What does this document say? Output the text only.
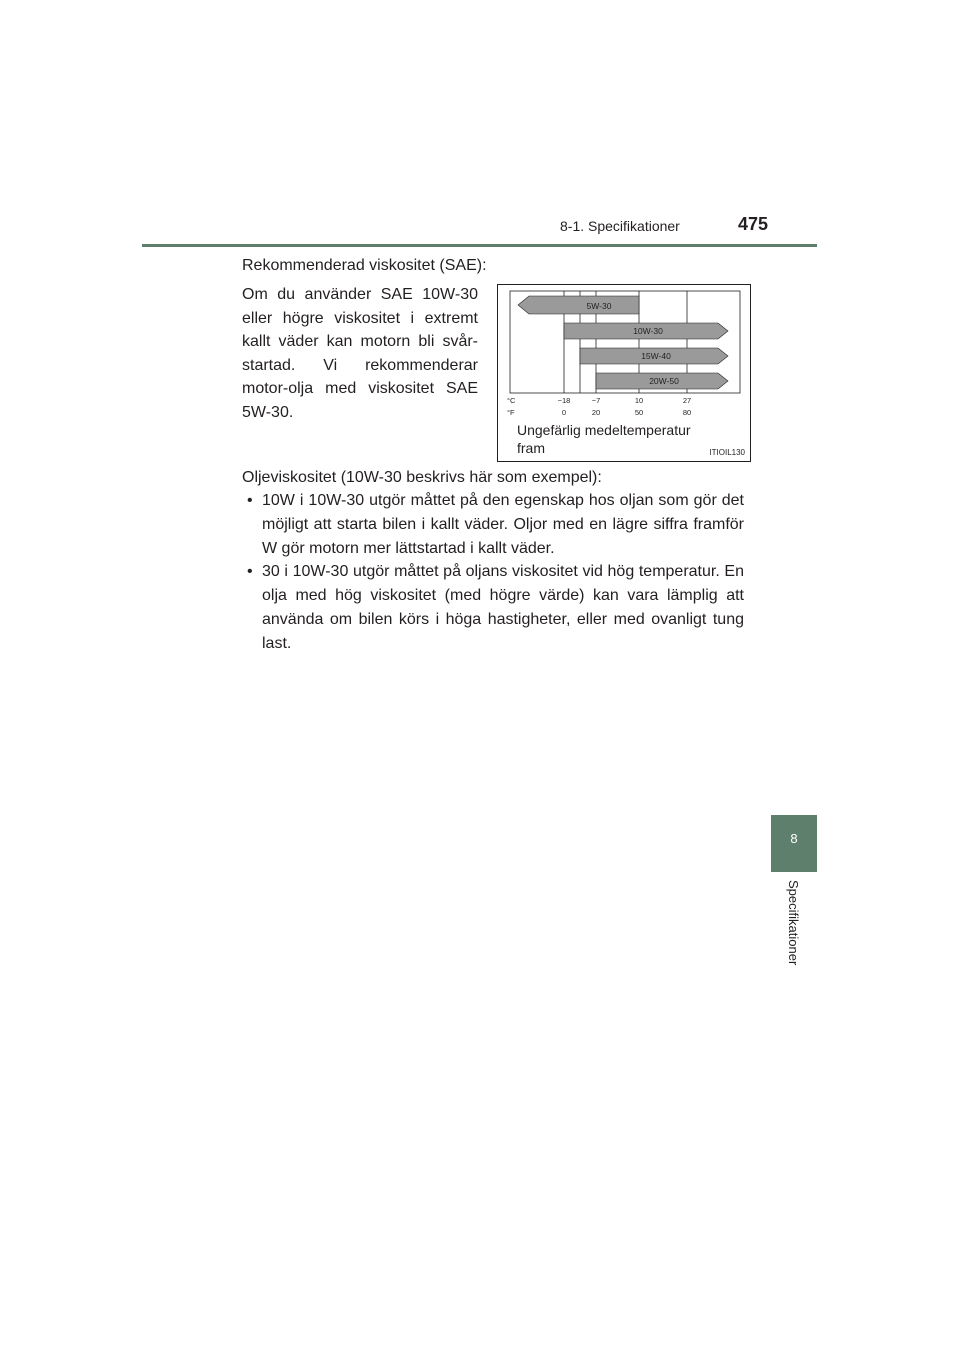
8-1. Specifikationer	475
Rekommenderad viskositet (SAE):
Om du använder SAE 10W-30 eller högre viskositet i extremt kallt väder kan motorn bli svår-startad. Vi rekommenderar motor-olja med viskositet SAE 5W-30.
5W-30
10W-30
15W-40
20W-50
°C
°F
−18	−7	10	27
0	20	50	80
Ungefärlig medeltemperatur fram	ITIOIL130
Oljeviskositet (10W-30 beskrivs här som exempel):
• 10W i 10W-30 utgör måttet på den egenskap hos oljan som gör det möjligt att starta bilen i kallt väder. Oljor med en lägre siffra framför W gör motorn mer lättstartad i kallt väder.
• 30 i 10W-30 utgör måttet på oljans viskositet vid hög temperatur. En olja med hög viskositet (med högre värde) kan vara lämplig att använda om bilen körs i höga hastigheter, eller med ovanligt tung last.
8
Specifikationer
